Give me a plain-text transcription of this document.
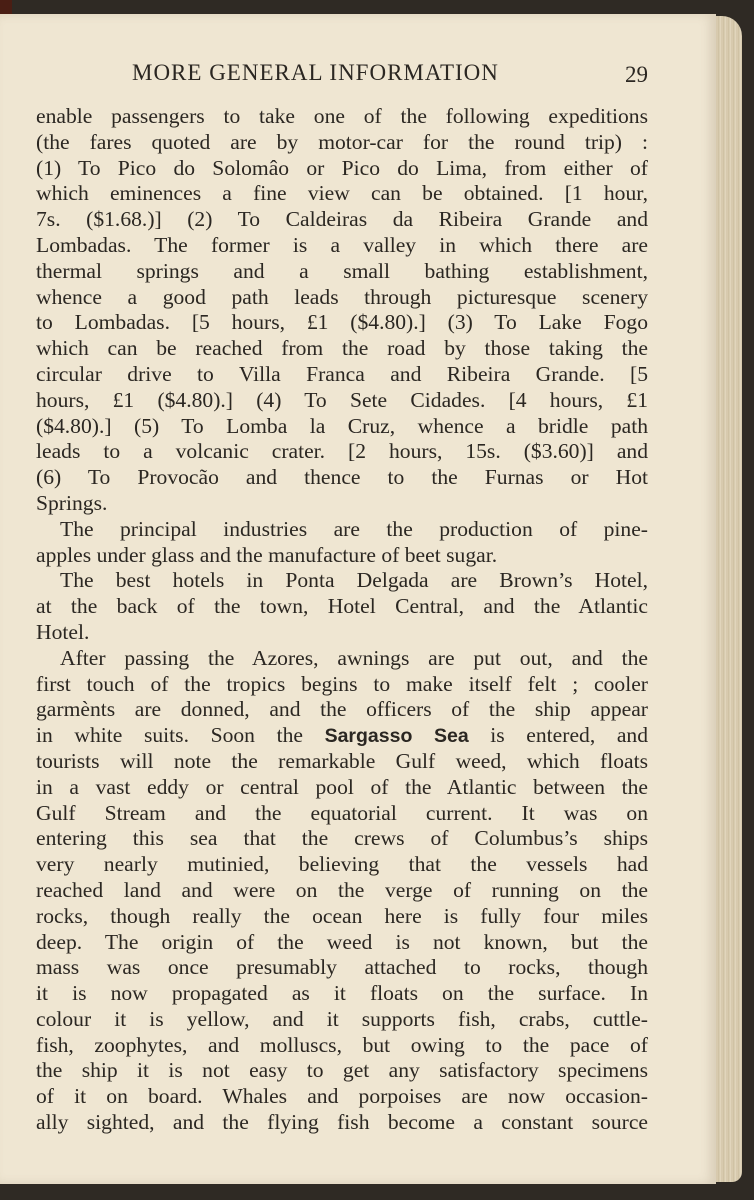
MORE GENERAL INFORMATION	29
enable passengers to take one of the following expeditions
(the fares quoted are by motor-car for the round trip) :
(1) To Pico do Solomâo or Pico do Lima, from either of
which eminences a fine view can be obtained. [1 hour,
7s. ($1.68.)] (2) To Caldeiras da Ribeira Grande and
Lombadas. The former is a valley in which there are
thermal springs and a small bathing establishment,
whence a good path leads through picturesque scenery
to Lombadas. [5 hours, £1 ($4.80).] (3) To Lake Fogo
which can be reached from the road by those taking the
circular drive to Villa Franca and Ribeira Grande. [5
hours, £1 ($4.80).] (4) To Sete Cidades. [4 hours, £1
($4.80).] (5) To Lomba la Cruz, whence a bridle path
leads to a volcanic crater. [2 hours, 15s. ($3.60)] and
(6) To Provocão and thence to the Furnas or Hot
Springs.
The principal industries are the production of pine-
apples under glass and the manufacture of beet sugar.
The best hotels in Ponta Delgada are Brown’s Hotel,
at the back of the town, Hotel Central, and the Atlantic
Hotel.
After passing the Azores, awnings are put out, and the
first touch of the tropics begins to make itself felt ; cooler
garmènts are donned, and the officers of the ship appear
in white suits. Soon the Sargasso Sea is entered, and
tourists will note the remarkable Gulf weed, which floats
in a vast eddy or central pool of the Atlantic between the
Gulf Stream and the equatorial current. It was on
entering this sea that the crews of Columbus’s ships
very nearly mutinied, believing that the vessels had
reached land and were on the verge of running on the
rocks, though really the ocean here is fully four miles
deep. The origin of the weed is not known, but the
mass was once presumably attached to rocks, though
it is now propagated as it floats on the surface. In
colour it is yellow, and it supports fish, crabs, cuttle-
fish, zoophytes, and molluscs, but owing to the pace of
the ship it is not easy to get any satisfactory specimens
of it on board. Whales and porpoises are now occasion-
ally sighted, and the flying fish become a constant source
